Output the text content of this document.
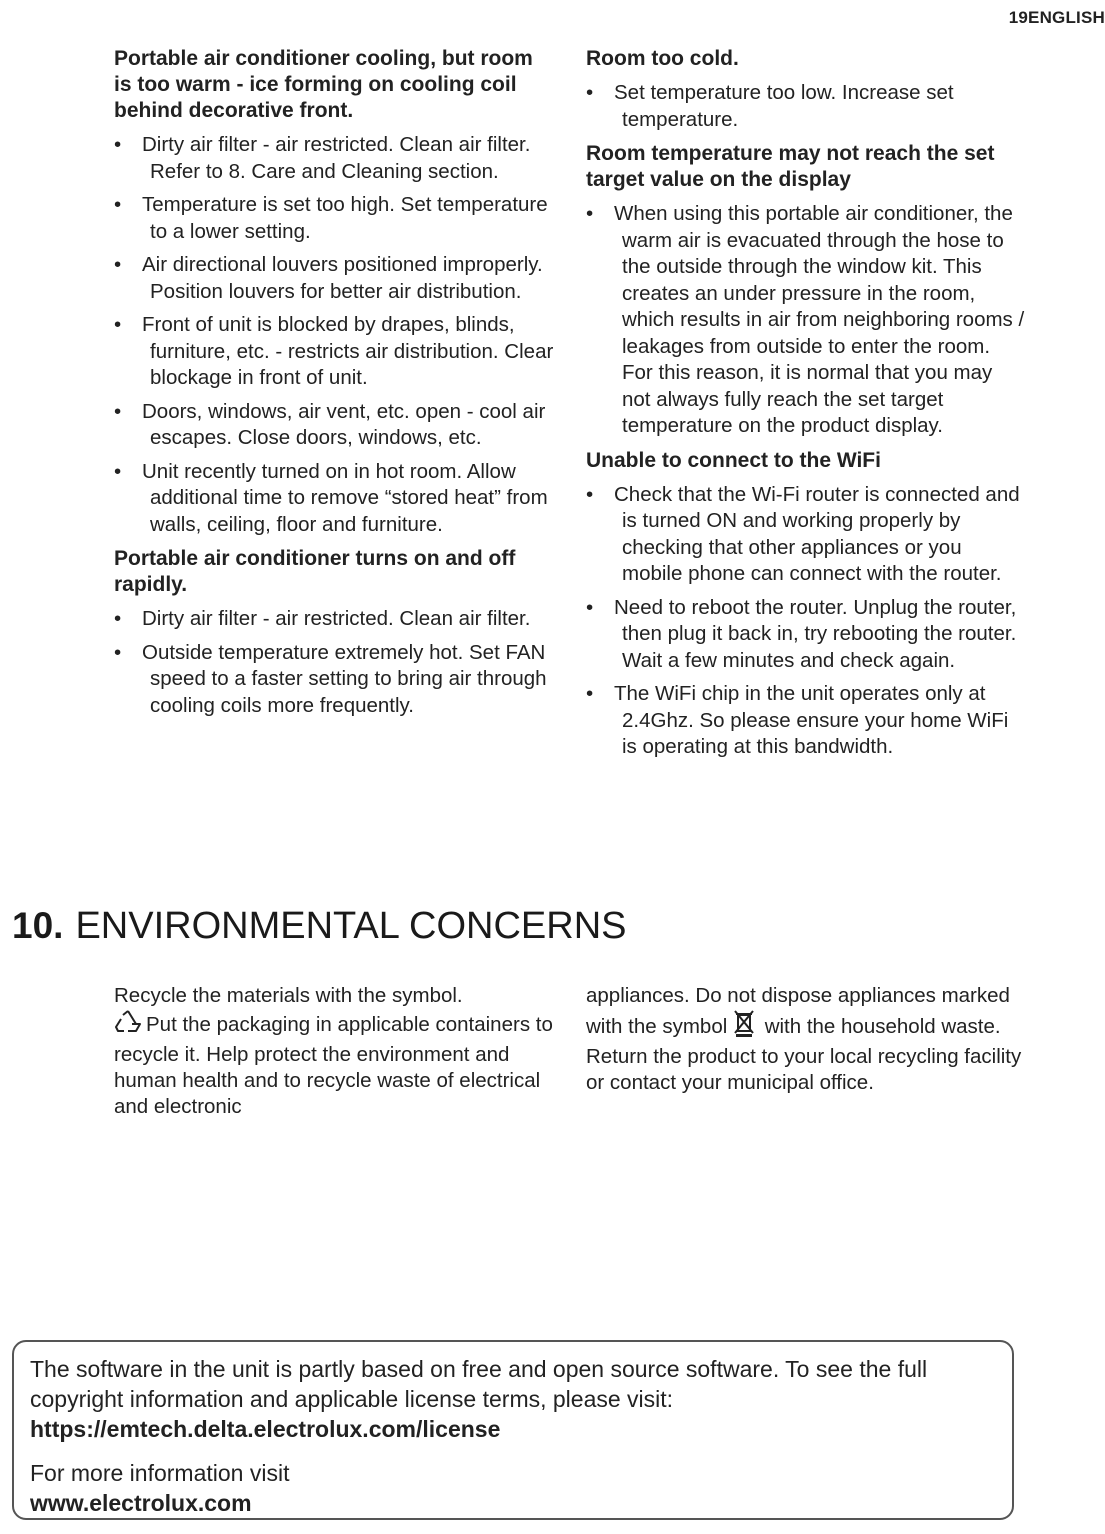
19ENGLISH
Portable air conditioner cooling, but room is too warm - ice forming on cooling coil behind decorative front.
• Dirty air filter - air restricted. Clean air filter. Refer to 8. Care and Cleaning section.
• Temperature is set too high. Set temperature to a lower setting.
• Air directional louvers positioned improperly. Position louvers for better air distribution.
• Front of unit is blocked by drapes, blinds, furniture, etc. - restricts air distribution. Clear blockage in front of unit.
• Doors, windows, air vent, etc. open - cool air escapes. Close doors, windows, etc.
• Unit recently turned on in hot room. Allow additional time to remove “stored heat” from walls, ceiling, floor and furniture.
Portable air conditioner turns on and off rapidly.
• Dirty air filter - air restricted. Clean air filter.
• Outside temperature extremely hot. Set FAN speed to a faster setting to bring air through cooling coils more frequently.
Room too cold.
• Set temperature too low. Increase set temperature.
Room temperature may not reach the set target value on the display
• When using this portable air conditioner, the warm air is evacuated through the hose to the outside through the window kit. This creates an under pressure in the room, which results in air from neighboring rooms / leakages from outside to enter the room. For this reason, it is normal that you may not always fully reach the set target temperature on the product display.
Unable to connect to the WiFi
• Check that the Wi-Fi router is connected and is turned ON and working properly by checking that other appliances or you mobile phone can connect with the router.
• Need to reboot the router. Unplug the router, then plug it back in, try rebooting the router. Wait a few minutes and check again.
• The WiFi chip in the unit operates only at 2.4Ghz. So please ensure your home WiFi is operating at this bandwidth.
10. ENVIRONMENTAL CONCERNS
Recycle the materials with the symbol.
Put the packaging in applicable containers to recycle it. Help protect the environment and human health and to recycle waste of electrical and electronic
appliances. Do not dispose appliances marked with the symbol with the household waste. Return the product to your local recycling facility or contact your municipal office.

The software in the unit is partly based on free and open source software. To see the full copyright information and applicable license terms, please visit:

https://emtech.delta.electrolux.com/license

For more information visit

www.electrolux.com
